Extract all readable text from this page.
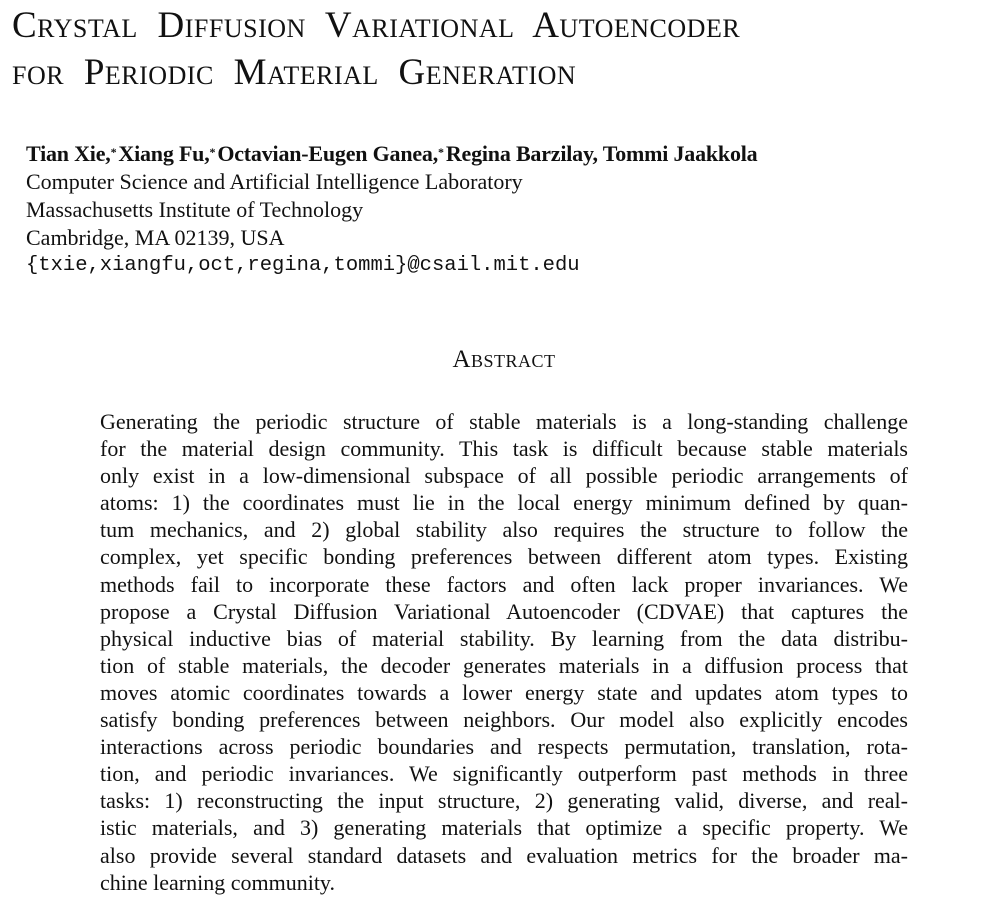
Crystal Diffusion Variational Autoencoder
for Periodic Material Generation
Tian Xie,*Xiang Fu,*Octavian-Eugen Ganea,*Regina Barzilay, Tommi Jaakkola
Computer Science and Artificial Intelligence Laboratory
Massachusetts Institute of Technology
Cambridge, MA 02139, USA
{txie,xiangfu,oct,regina,tommi}@csail.mit.edu
Abstract

Generating the periodic structure of stable materials is a long-standing challenge
for the material design community. This task is difficult because stable materials
only exist in a low-dimensional subspace of all possible periodic arrangements of
atoms: 1) the coordinates must lie in the local energy minimum defined by quan-
tum mechanics, and 2) global stability also requires the structure to follow the
complex, yet specific bonding preferences between different atom types. Existing
methods fail to incorporate these factors and often lack proper invariances. We
propose a Crystal Diffusion Variational Autoencoder (CDVAE) that captures the
physical inductive bias of material stability. By learning from the data distribu-
tion of stable materials, the decoder generates materials in a diffusion process that
moves atomic coordinates towards a lower energy state and updates atom types to
satisfy bonding preferences between neighbors. Our model also explicitly encodes
interactions across periodic boundaries and respects permutation, translation, rota-
tion, and periodic invariances. We significantly outperform past methods in three
tasks: 1) reconstructing the input structure, 2) generating valid, diverse, and real-
istic materials, and 3) generating materials that optimize a specific property. We
also provide several standard datasets and evaluation metrics for the broader ma-
chine learning community.
